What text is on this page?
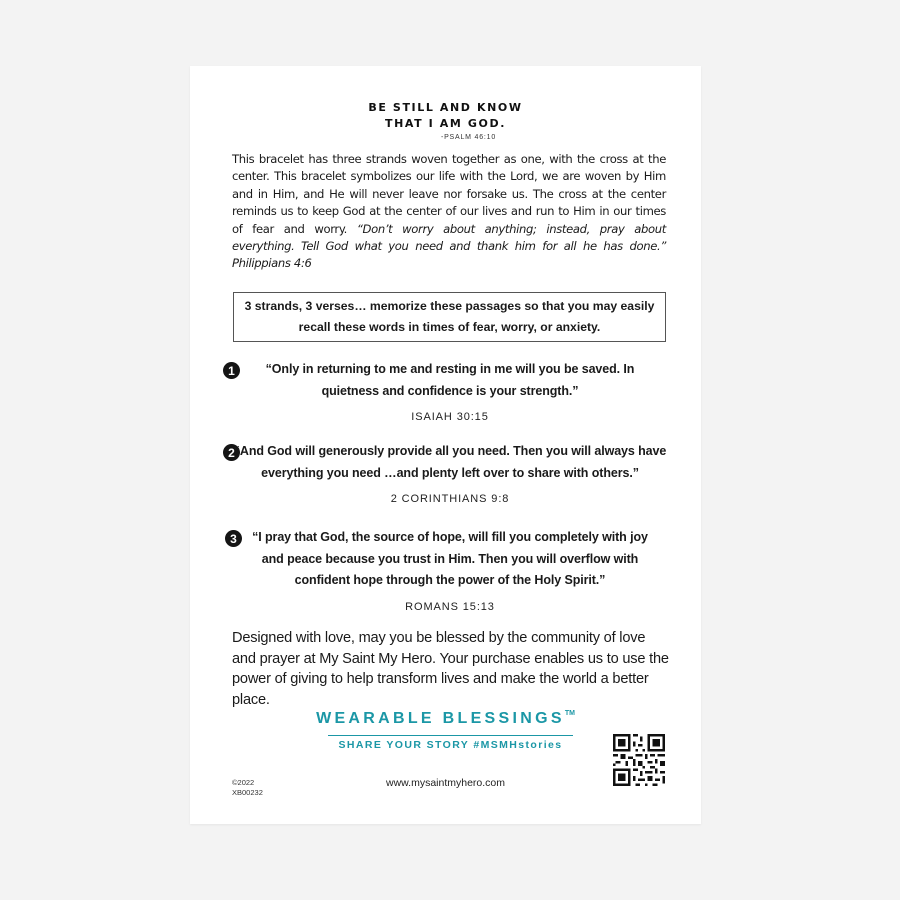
BE STILL AND KNOW
THAT I AM GOD.
-PSALM 46:10

This bracelet has three strands woven together as one, with the cross at the center. This bracelet symbolizes our life with the Lord, we are woven by Him and in Him, and He will never leave nor forsake us. The cross at the center reminds us to keep God at the center of our lives and run to Him in our times of fear and worry. “Don’t worry about anything; instead, pray about everything. Tell God what you need and thank him for all he has done.” Philippians 4:6

3 strands, 3 verses… memorize these passages so that you may easily recall these words in times of fear, worry, or anxiety.
1	“Only in returning to me and resting in me will you be saved. In quietness and confidence is your strength.”

ISAIAH 30:15
2

“And God will generously provide all you need. Then you will always have everything you need …and plenty left over to share with others.”

2 CORINTHIANS 9:8
3	“I pray that God, the source of hope, will fill you completely with joy and peace because you trust in Him. Then you will overflow with confident hope through the power of the Holy Spirit.”

ROMANS 15:13

Designed with love, may you be blessed by the community of love and prayer at My Saint My Hero. Your purchase enables us to use the power of giving to help transform lives and make the world a better place.

WEARABLE BLESSINGS™
SHARE YOUR STORY #MSMHstories
www.mysaintmyhero.com
©2022
XB00232
